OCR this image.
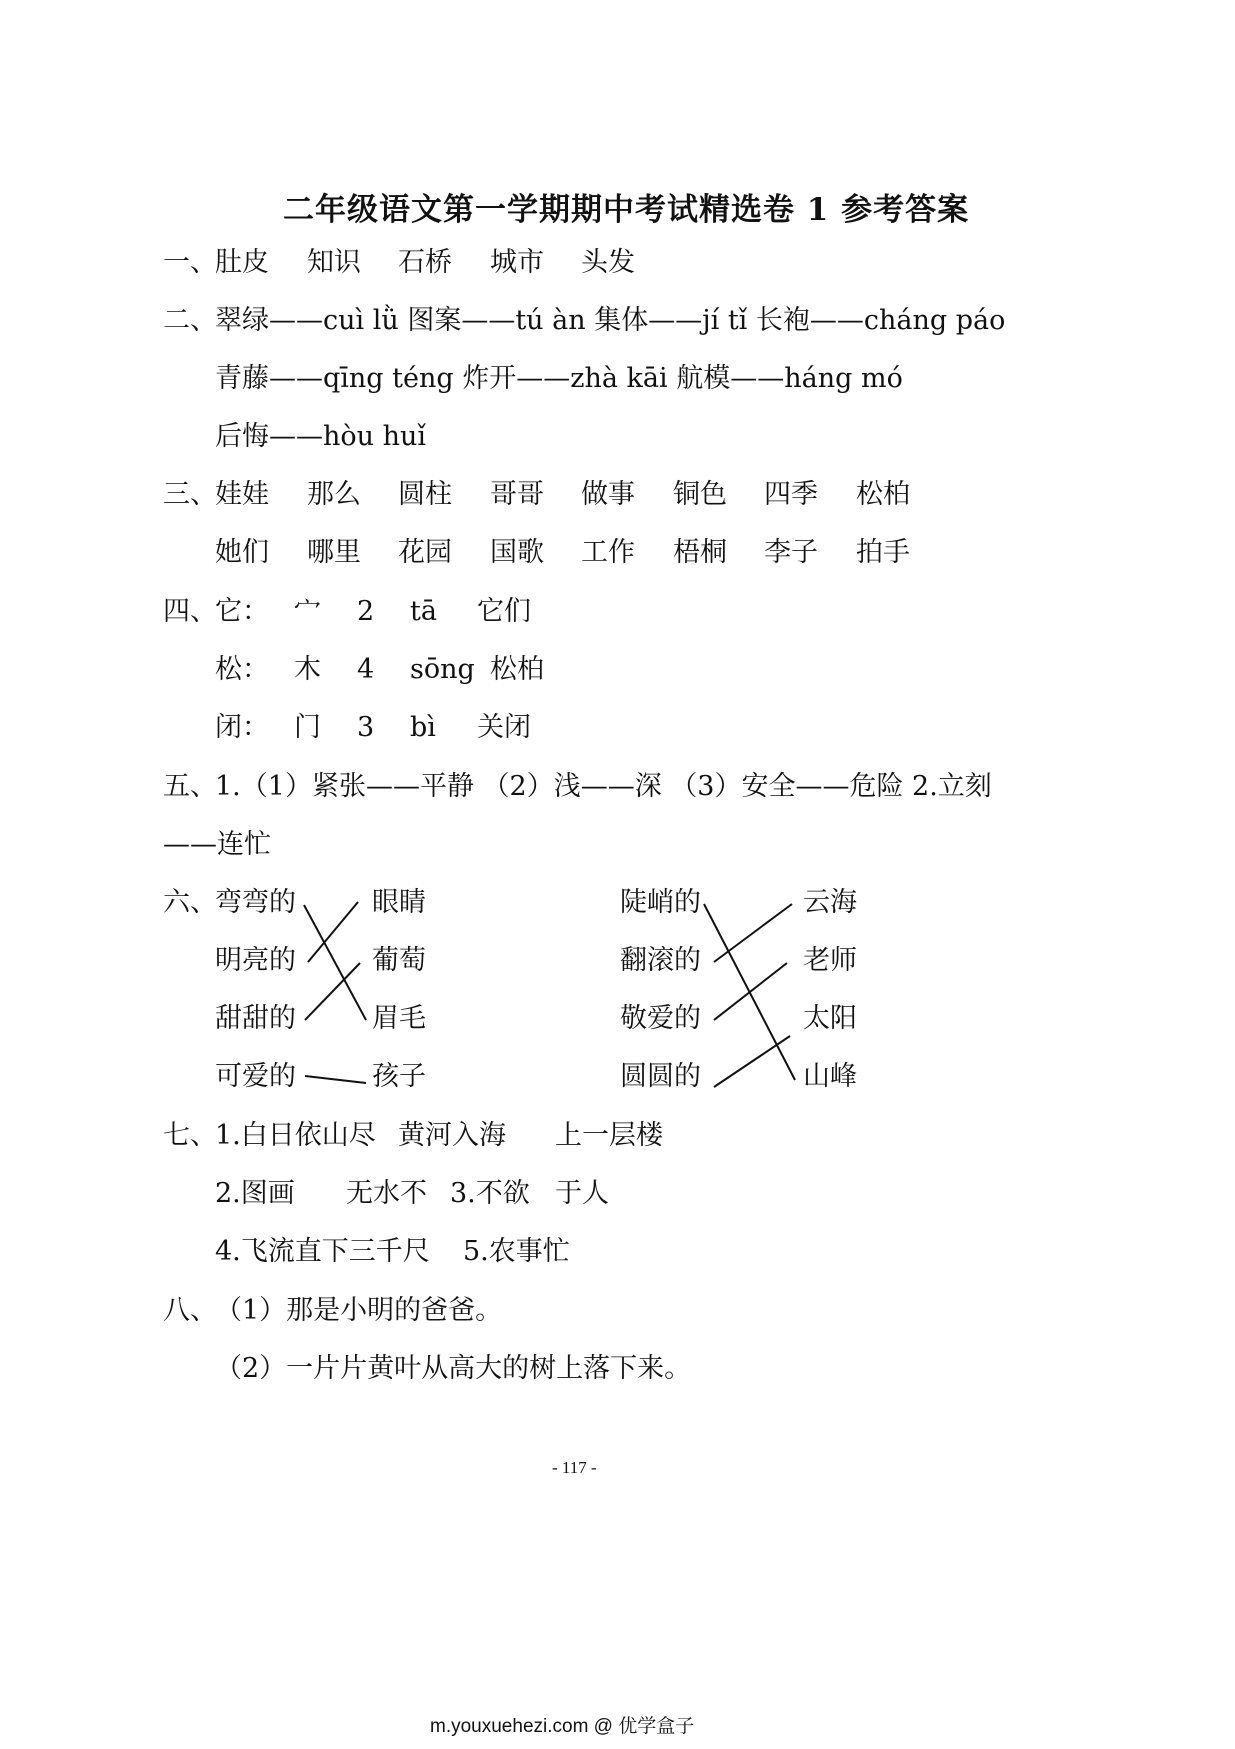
二年级语文第一学期期中考试精选卷 1 参考答案
一、
肚皮 知识 石桥 城市 头发
二、
翠绿——cuì lǜ 图案——tú àn 集体——jí tǐ 长袍——cháng páo
青藤——qīng téng 炸开——zhà kāi 航模——háng mó
后悔——hòu huǐ
三、
娃娃 那么 圆柱 哥哥 做事 铜色 四季 松柏
她们 哪里 花园 国歌 工作 梧桐 李子 拍手
四、
它： 宀 2 tā 它们
松： 木 4 sōng 松柏
闭： 门 3 bì 关闭
五、
1.（1）紧张——平静 （2）浅——深 （3）安全——危险 2.立刻
——连忙
六、
弯弯的
明亮的
甜甜的
可爱的
眼睛
葡萄
眉毛
孩子
陡峭的
翻滚的
敬爱的
圆圆的
云海
老师
太阳
山峰
七、
1.白日依山尽 黄河入海 上一层楼
2.图画 无水不 3.不欲 于人
4.飞流直下三千尺 5.农事忙
八、
（1）那是小明的爸爸。
（2）一片片黄叶从高大的树上落下来。
- 117 -
m.youxuehezi.com @ 优学盒子
